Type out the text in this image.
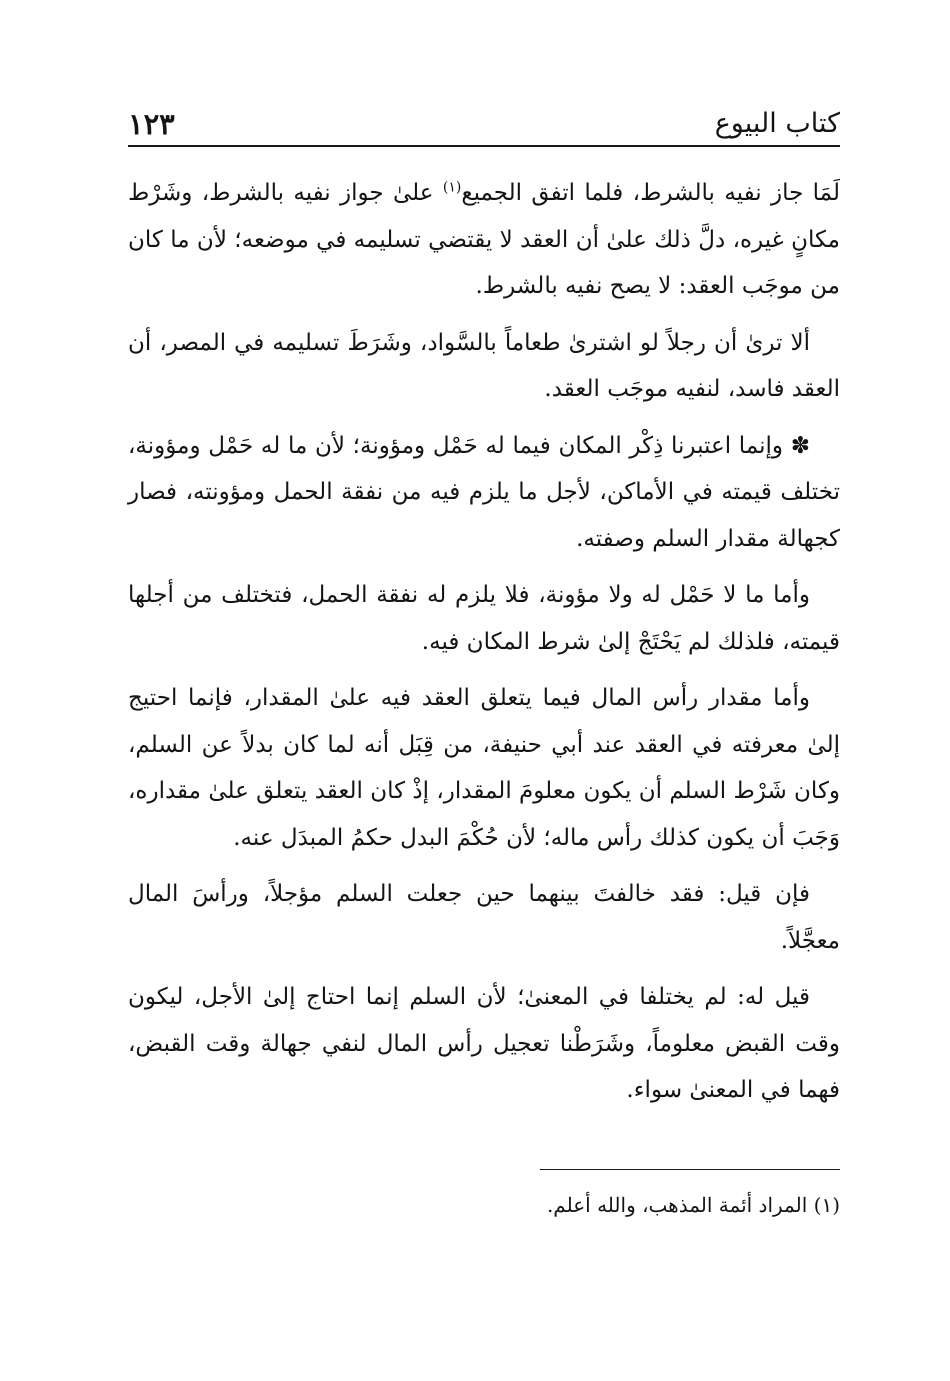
كتاب البيوع
١٢٣

لَمَا جاز نفيه بالشرط، فلما اتفق الجميع$^{(١)}$ علىٰ جواز نفيه بالشرط، وشَرْط مكانٍ غيره، دلَّ ذلك علىٰ أن العقد لا يقتضي تسليمه في موضعه؛ لأن ما كان من موجَب العقد: لا يصح نفيه بالشرط.

ألا ترىٰ أن رجلاً لو اشترىٰ طعاماً بالسَّواد، وشَرَطَ تسليمه في المصر، أن العقد فاسد، لنفيه موجَب العقد.

✽ وإنما اعتبرنا ذِكْر المكان فيما له حَمْل ومؤونة؛ لأن ما له حَمْل ومؤونة، تختلف قيمته في الأماكن، لأجل ما يلزم فيه من نفقة الحمل ومؤونته، فصار كجهالة مقدار السلم وصفته.

وأما ما لا حَمْل له ولا مؤونة، فلا يلزم له نفقة الحمل، فتختلف من أجلها قيمته، فلذلك لم يَحْتَجْ إلىٰ شرط المكان فيه.

وأما مقدار رأس المال فيما يتعلق العقد فيه علىٰ المقدار، فإنما احتيج إلىٰ معرفته في العقد عند أبي حنيفة، من قِبَل أنه لما كان بدلاً عن السلم، وكان شَرْط السلم أن يكون معلومَ المقدار، إذْ كان العقد يتعلق علىٰ مقداره، وَجَبَ أن يكون كذلك رأس ماله؛ لأن حُكْمَ البدل حكمُ المبدَل عنه.

فإن قيل: فقد خالفتَ بينهما حين جعلت السلم مؤجلاً، ورأسَ المال معجَّلاً.

قيل له: لم يختلفا في المعنىٰ؛ لأن السلم إنما احتاج إلىٰ الأجل، ليكون وقت القبض معلوماً، وشَرَطْنا تعجيل رأس المال لنفي جهالة وقت القبض، فهما في المعنىٰ سواء.

(١) المراد أئمة المذهب، والله أعلم.
